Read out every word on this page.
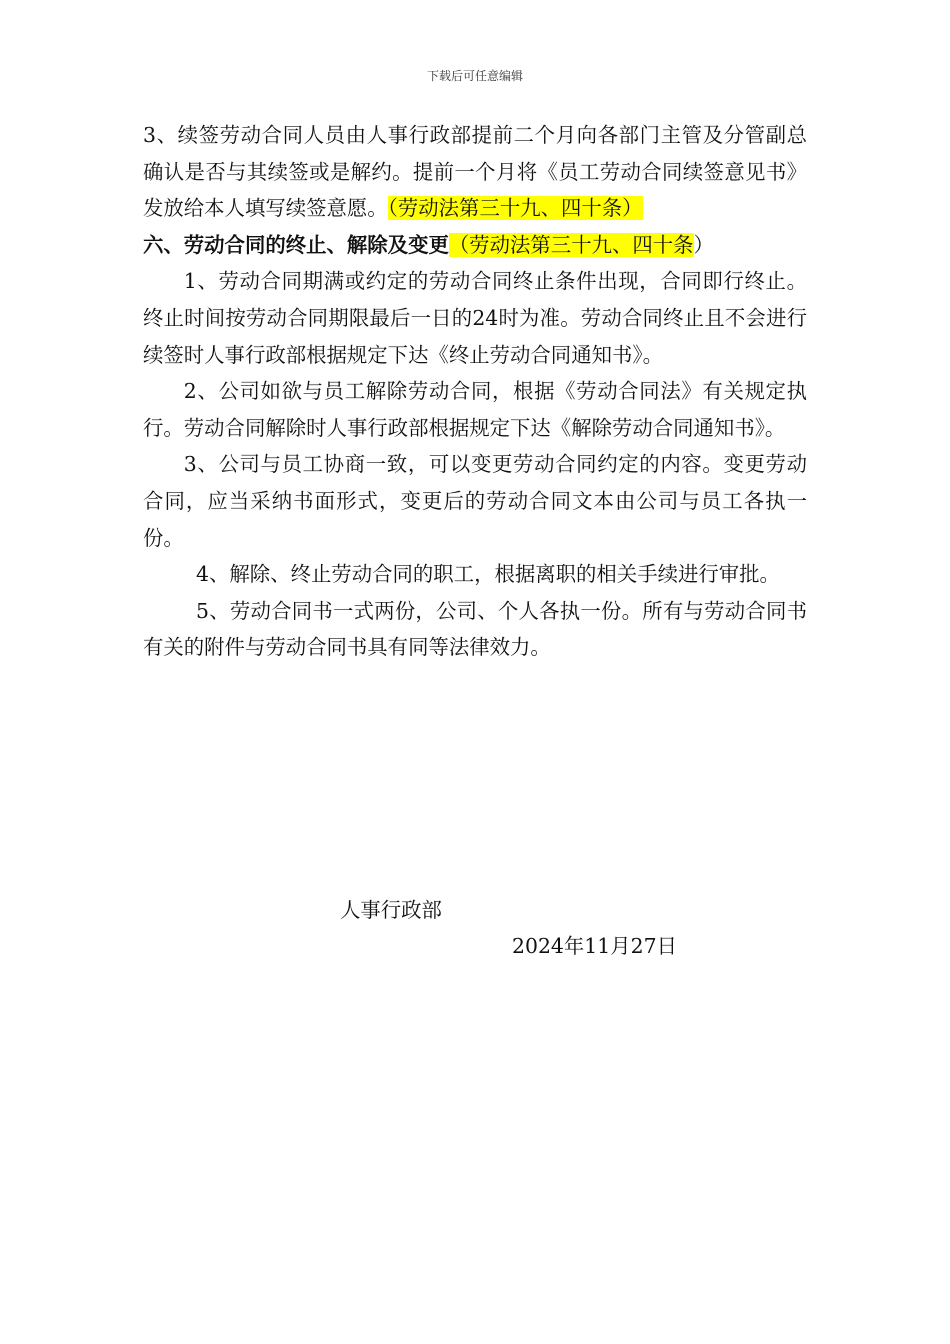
下载后可任意编辑

3、续签劳动合同人员由人事行政部提前二个月向各部门主管及分管副总确认是否与其续签或是解约。提前一个月将《员工劳动合同续签意见书》发放给本人填写续签意愿。（劳动法第三十九、四十条）

六、劳动合同的终止、解除及变更（劳动法第三十九、四十条）

1、劳动合同期满或约定的劳动合同终止条件出现，合同即行终止。终止时间按劳动合同期限最后一日的24时为准。劳动合同终止且不会进行续签时人事行政部根据规定下达《终止劳动合同通知书》。

2、公司如欲与员工解除劳动合同，根据《劳动合同法》有关规定执行。劳动合同解除时人事行政部根据规定下达《解除劳动合同通知书》。

3、公司与员工协商一致，可以变更劳动合同约定的内容。变更劳动合同，应当采纳书面形式，变更后的劳动合同文本由公司与员工各执一份。

4、解除、终止劳动合同的职工，根据离职的相关手续进行审批。

5、劳动合同书一式两份，公司、个人各执一份。所有与劳动合同书有关的附件与劳动合同书具有同等法律效力。

人事行政部
2024年11月27日
